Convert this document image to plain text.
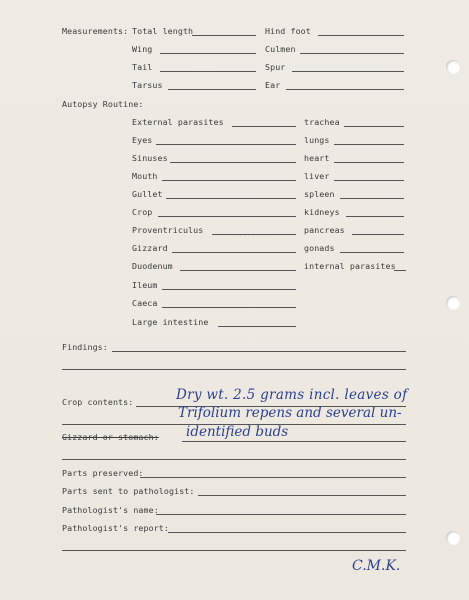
..........
..........
Measurements: Total length	Hind foot
Wing	Culmen
Tail	Spur
Tarsus	Ear
Autopsy Routine:
External parasites	trachea
Eyes	lungs
Sinuses	heart
Mouth	liver
Gullet	spleen
Crop	kidneys
Proventriculus	pancreas
Gizzard	gonads
Duodenum	internal parasites
Ileum
Caeca
Large intestine
Findings:
Crop contents:	Dry wt. 2.5 grams incl. leaves of
Trifolium repens and several un-
Gizzard or stomach: identified buds
Parts preserved:
Parts sent to pathologist:
Pathologist's name:
Pathologist's report:
C.M.K.
